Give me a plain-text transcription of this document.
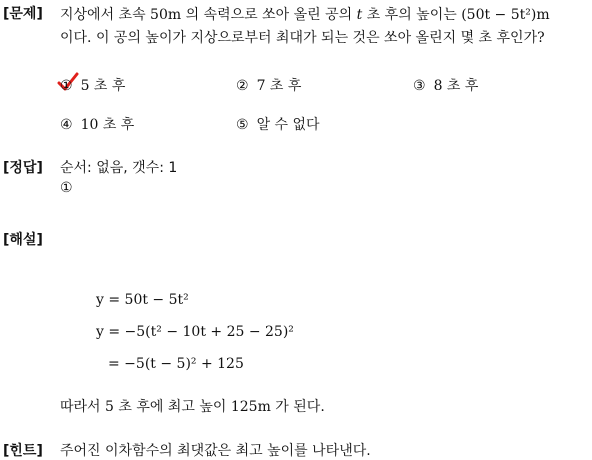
[문제]
[정답]
[해설]
[힌트]
지상에서 초속 50m 의 속력으로 쏘아 올린 공의 t 초 후의 높이는 (50t − 5t²)m
이다. 이 공의 높이가 지상으로부터 최대가 되는 것은 쏘아 올린지 몇 초 후인가?
① 5 초 후	② 7 초 후	③ 8 초 후
④ 10 초 후	⑤ 알 수 없다
순서: 없음, 갯수: 1
①
y = 50t − 5t²
y = −5(t² − 10t + 25 − 25)²
= −5(t − 5)² + 125
따라서 5 초 후에 최고 높이 125m 가 된다.
주어진 이차함수의 최댓값은 최고 높이를 나타낸다.
